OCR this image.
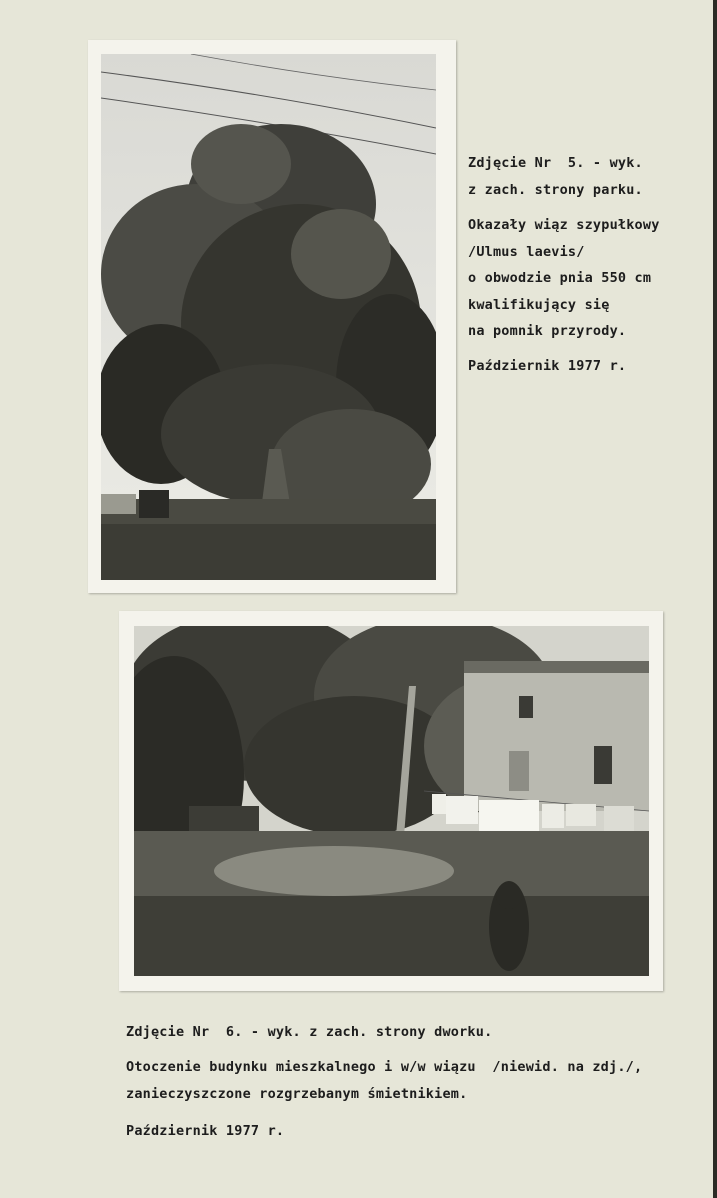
Zdjęcie Nr  5. - wyk.
z zach. strony parku.
Okazały wiąz szypułkowy
/Ulmus laevis/
o obwodzie pnia 550 cm
kwalifikujący się
na pomnik przyrody.
Październik 1977 r.
Zdjęcie Nr  6. - wyk. z zach. strony dworku.
Otoczenie budynku mieszkalnego i w/w wiązu  /niewid. na zdj./,
zanieczyszczone rozgrzebanym śmietnikiem.
Październik 1977 r.
